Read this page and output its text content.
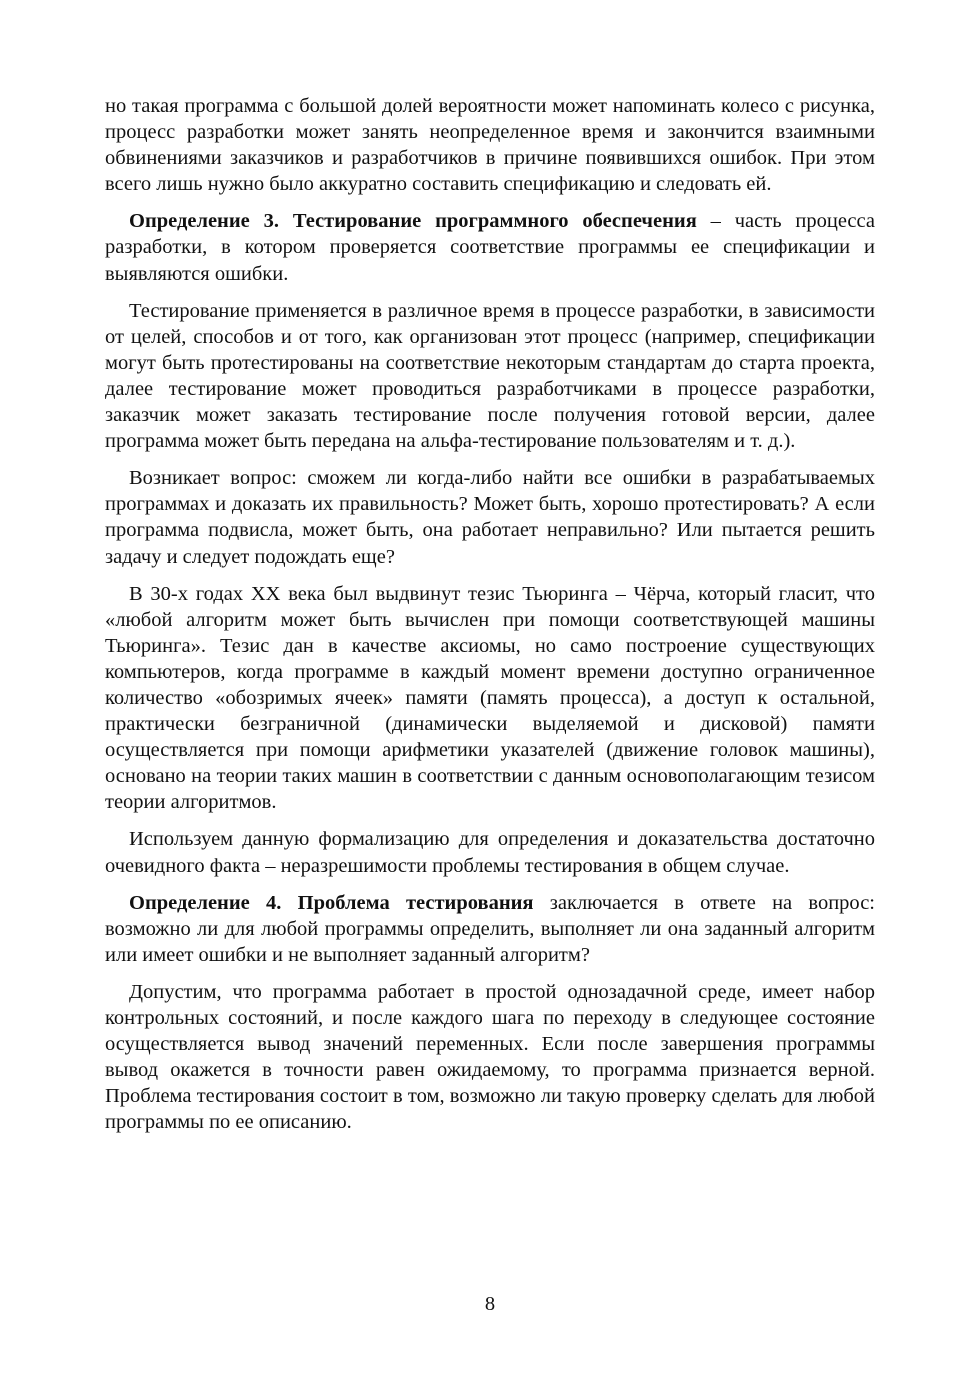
но такая программа с большой долей вероятности может напоминать колесо с рисунка, процесс разработки может занять неопределенное время и закончится взаимными обвинениями заказчиков и разработчиков в причине появившихся ошибок. При этом всего лишь нужно было аккуратно составить спецификацию и следовать ей.

Определение 3. Тестирование программного обеспечения – часть процесса разработки, в котором проверяется соответствие программы ее спецификации и выявляются ошибки.

Тестирование применяется в различное время в процессе разработки, в зависимости от целей, способов и от того, как организован этот процесс (например, спецификации могут быть протестированы на соответствие некоторым стандартам до старта проекта, далее тестирование может проводиться разработчиками в процессе разработки, заказчик может заказать тестирование после получения готовой версии, далее программа может быть передана на альфа-тестирование пользователям и т. д.).

Возникает вопрос: сможем ли когда-либо найти все ошибки в разрабатываемых программах и доказать их правильность? Может быть, хорошо протестировать? А если программа подвисла, может быть, она работает неправильно? Или пытается решить задачу и следует подождать еще?

В 30-х годах XX века был выдвинут тезис Тьюринга – Чёрча, который гласит, что «любой алгоритм может быть вычислен при помощи соответствующей машины Тьюринга». Тезис дан в качестве аксиомы, но само построение существующих компьютеров, когда программе в каждый момент времени доступно ограниченное количество «обозримых ячеек» памяти (память процесса), а доступ к остальной, практически безграничной (динамически выделяемой и дисковой) памяти осуществляется при помощи арифметики указателей (движение головок машины), основано на теории таких машин в соответствии с данным основополагающим тезисом теории алгоритмов.

Используем данную формализацию для определения и доказательства достаточно очевидного факта – неразрешимости проблемы тестирования в общем случае.

Определение 4. Проблема тестирования заключается в ответе на вопрос: возможно ли для любой программы определить, выполняет ли она заданный алгоритм или имеет ошибки и не выполняет заданный алгоритм?

Допустим, что программа работает в простой однозадачной среде, имеет набор контрольных состояний, и после каждого шага по переходу в следующее состояние осуществляется вывод значений переменных. Если после завершения программы вывод окажется в точности равен ожидаемому, то программа признается верной. Проблема тестирования состоит в том, возможно ли такую проверку сделать для любой программы по ее описанию.

8
